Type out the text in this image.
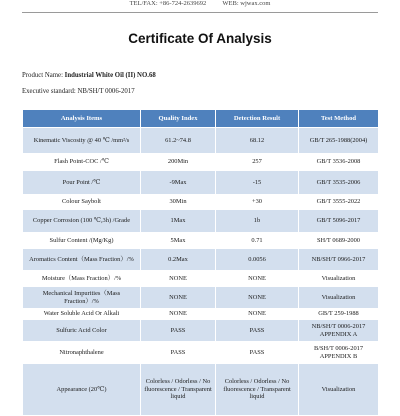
TEL/FAX: +86-724-2639692          WEB: wjwax.com
Certificate Of Analysis
Product Name: Industrial White Oil (II) NO.68
Executive standard: NB/SH/T 0006-2017
Analysis Items	Quality Index	Detection Result	Test Method
Kinematic Viscosity @ 40 ℃ /mm²/s	61.2~74.8	68.12	GB/T 265-1988(2004)
Flash Point-COC /℃	200Min	257	GB/T 3536-2008
Pour Point /℃	-9Max	-15	GB/T 3535-2006
Colour Saybolt	30Min	+30	GB/T 3555-2022
Copper Corrosion (100 ℃,3h) /Grade	1Max	1b	GB/T 5096-2017
Sulfur Content /(Mg/Kg)	5Max	0.71	SH/T 0689-2000
Aromatics Content（Mass Fraction）/%	0.2Max	0.0056	NB/SH/T 0966-2017
Moisture（Mass Fraction）/%	NONE	NONE	Visualization
Mechanical Impurities（Mass Fraction）/%	NONE	NONE	Visualization
Water Soluble Acid Or Alkali	NONE	NONE	GB/T 259-1988
Sulfuric Acid Color	PASS	PASS	NB/SH/T 0006-2017 APPENDIX A
Nitronaphthalene	PASS	PASS	B/SH/T 0006-2017 APPENDIX B
Appearance (20℃)	Colorless / Odorless / No fluorescence / Transparent liquid	Colorless / Odorless / No fluorescence / Transparent liquid	Visualization
